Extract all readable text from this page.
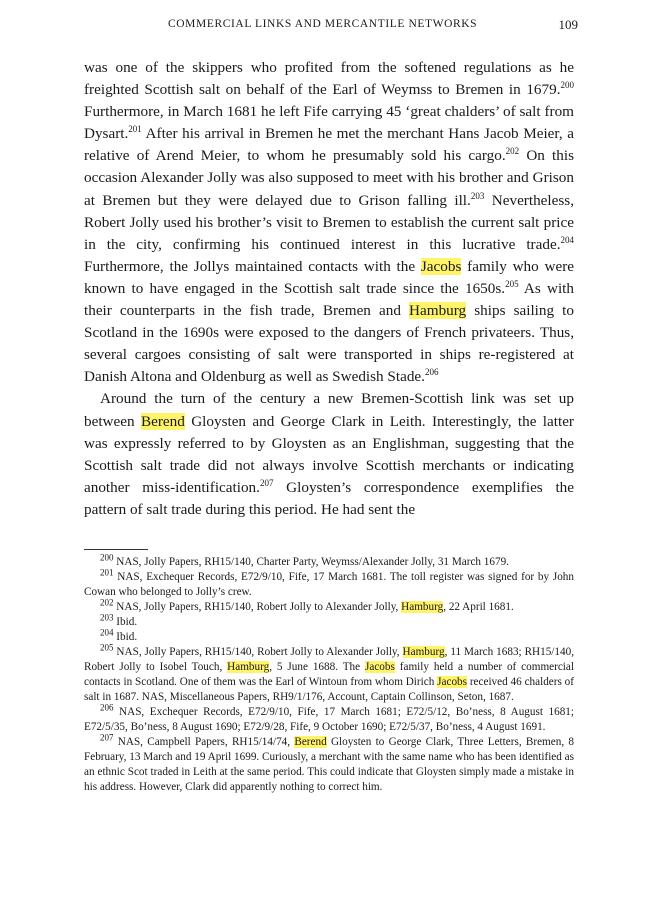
COMMERCIAL LINKS AND MERCANTILE NETWORKS	109

was one of the skippers who profited from the softened regulations as he freighted Scottish salt on behalf of the Earl of Weymss to Bremen in 1679.$^{200}$ Furthermore, in March 1681 he left Fife carrying 45 ‘great chalders’ of salt from Dysart.$^{201}$ After his arrival in Bremen he met the merchant Hans Jacob Meier, a relative of Arend Meier, to whom he presumably sold his cargo.$^{202}$ On this occasion Alexander Jolly was also supposed to meet with his brother and Grison at Bremen but they were delayed due to Grison falling ill.$^{203}$ Nevertheless, Robert Jolly used his brother’s visit to Bremen to establish the current salt price in the city, confirming his continued interest in this lucrative trade.$^{204}$ Furthermore, the Jollys maintained contacts with the Jacobs family who were known to have engaged in the Scottish salt trade since the 1650s.$^{205}$ As with their counterparts in the fish trade, Bremen and Hamburg ships sailing to Scotland in the 1690s were exposed to the dangers of French privateers. Thus, several cargoes consisting of salt were transported in ships re-registered at Danish Altona and Oldenburg as well as Swedish Stade.$^{206}$

Around the turn of the century a new Bremen-Scottish link was set up between Berend Gloysten and George Clark in Leith. Interestingly, the latter was expressly referred to by Gloysten as an Englishman, suggesting that the Scottish salt trade did not always involve Scottish merchants or indicating another miss-identification.$^{207}$ Gloysten’s correspondence exemplifies the pattern of salt trade during this period. He had sent the

$^{200}$ NAS, Jolly Papers, RH15/140, Charter Party, Weymss/Alexander Jolly, 31 March 1679.

$^{201}$ NAS, Exchequer Records, E72/9/10, Fife, 17 March 1681. The toll register was signed for by John Cowan who belonged to Jolly’s crew.

$^{202}$ NAS, Jolly Papers, RH15/140, Robert Jolly to Alexander Jolly, Hamburg, 22 April 1681.

$^{203}$ Ibid.

$^{204}$ Ibid.

$^{205}$ NAS, Jolly Papers, RH15/140, Robert Jolly to Alexander Jolly, Hamburg, 11 March 1683; RH15/140, Robert Jolly to Isobel Touch, Hamburg, 5 June 1688. The Jacobs family held a number of commercial contacts in Scotland. One of them was the Earl of Wintoun from whom Dirich Jacobs received 46 chalders of salt in 1687. NAS, Miscellaneous Papers, RH9/1/176, Account, Captain Collinson, Seton, 1687.

$^{206}$ NAS, Exchequer Records, E72/9/10, Fife, 17 March 1681; E72/5/12, Bo’ness, 8 August 1681; E72/5/35, Bo’ness, 8 August 1690; E72/9/28, Fife, 9 October 1690; E72/5/37, Bo’ness, 4 August 1691.

$^{207}$ NAS, Campbell Papers, RH15/14/74, Berend Gloysten to George Clark, Three Letters, Bremen, 8 February, 13 March and 19 April 1699. Curiously, a merchant with the same name who has been identified as an ethnic Scot traded in Leith at the same period. This could indicate that Gloysten simply made a mistake in his address. However, Clark did apparently nothing to correct him.
